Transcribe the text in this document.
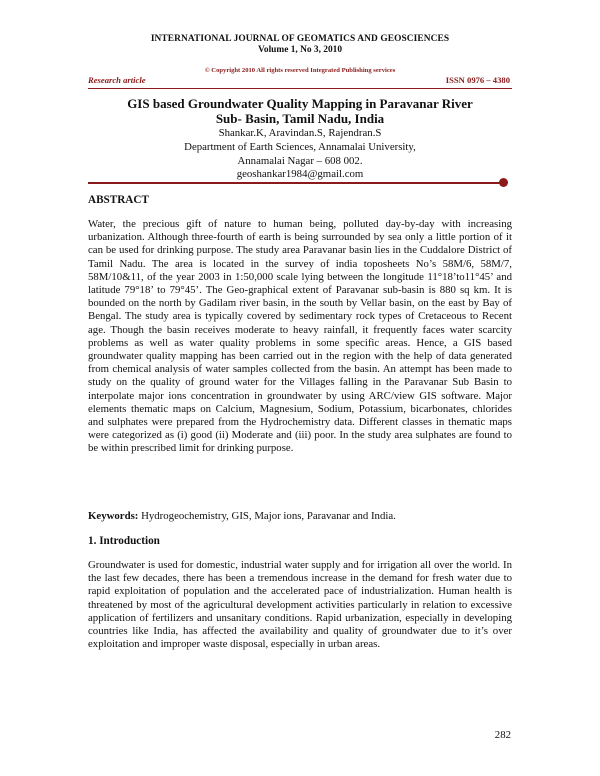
INTERNATIONAL JOURNAL OF GEOMATICS AND GEOSCIENCES
Volume 1, No 3, 2010
© Copyright 2010 All rights reserved Integrated Publishing services
Research article	ISSN 0976 – 4380
GIS based Groundwater Quality Mapping in Paravanar River
Sub- Basin, Tamil Nadu, India
Shankar.K, Aravindan.S, Rajendran.S
Department of Earth Sciences, Annamalai University,
Annamalai Nagar – 608 002.
geoshankar1984@gmail.com
ABSTRACT

Water, the precious gift of nature to human being, polluted day-by-day with increasing urbanization. Although three-fourth of earth is being surrounded by sea only a little portion of it can be used for drinking purpose. The study area Paravanar basin lies in the Cuddalore District of Tamil Nadu. The area is located in the survey of india toposheets No’s 58M/6, 58M/7, 58M/10&11, of the year 2003 in 1:50,000 scale lying between the longitude 11°18’to11°45’ and latitude 79°18’ to 79°45’. The Geo-graphical extent of Paravanar sub-basin is 880 sq km. It is bounded on the north by Gadilam river basin, in the south by Vellar basin, on the east by Bay of Bengal. The study area is typically covered by sedimentary rock types of Cretaceous to Recent age. Though the basin receives moderate to heavy rainfall, it frequently faces water scarcity problems as well as water quality problems in some specific areas. Hence, a GIS based groundwater quality mapping has been carried out in the region with the help of data generated from chemical analysis of water samples collected from the basin. An attempt has been made to study on the quality of ground water for the Villages falling in the Paravanar Sub Basin to interpolate major ions concentration in groundwater by using ARC/view GIS software. Major elements thematic maps on Calcium, Magnesium, Sodium, Potassium, bicarbonates, chlorides and sulphates were prepared from the Hydrochemistry data. Different classes in thematic maps were categorized as (i) good (ii) Moderate and (iii) poor. In the study area sulphates are found to be within prescribed limit for drinking purpose.

Keywords: Hydrogeochemistry, GIS, Major ions, Paravanar and India.

1. Introduction

Groundwater is used for domestic, industrial water supply and for irrigation all over the world. In the last few decades, there has been a tremendous increase in the demand for fresh water due to rapid exploitation of population and the accelerated pace of industrialization. Human health is threatened by most of the agricultural development activities particularly in relation to excessive application of fertilizers and unsanitary conditions. Rapid urbanization, especially in developing countries like India, has affected the availability and quality of groundwater due to it’s over exploitation and improper waste disposal, especially in urban areas.

282
